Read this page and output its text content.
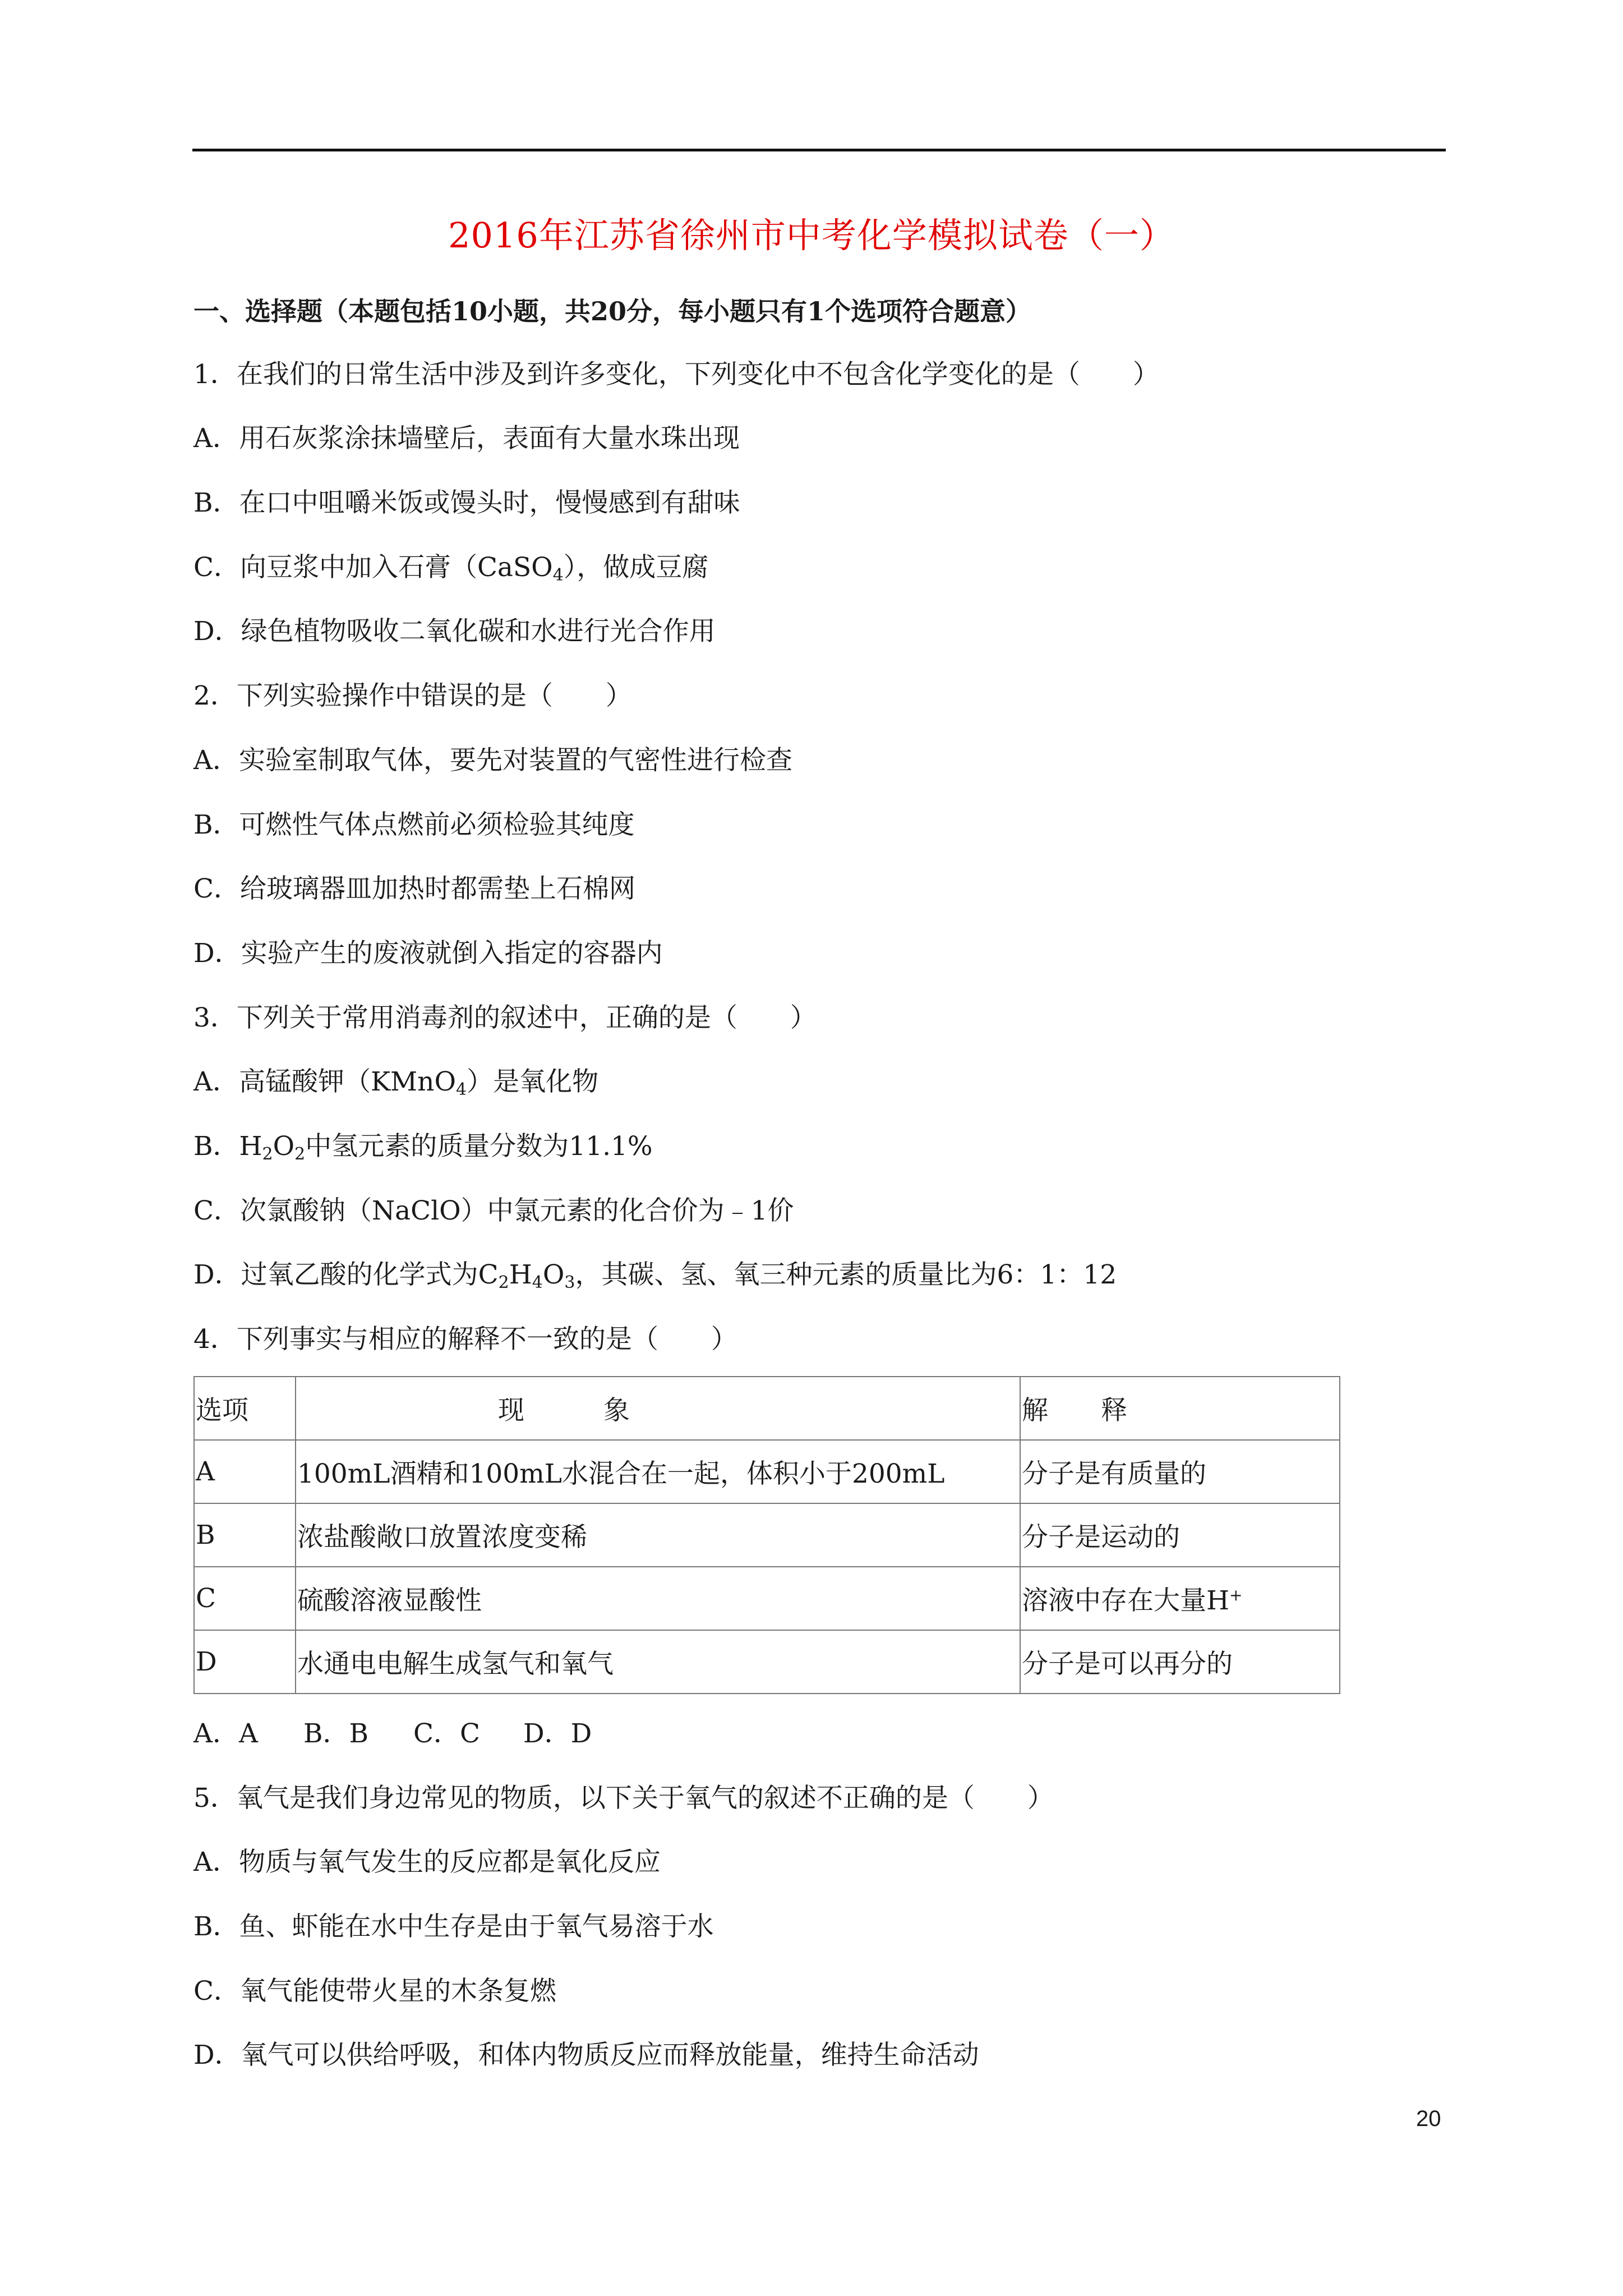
2016年江苏省徐州市中考化学模拟试卷（一）
一、选择题（本题包括10小题，共20分，每小题只有1个选项符合题意）
1．在我们的日常生活中涉及到许多变化，下列变化中不包含化学变化的是（　　）
A．用石灰浆涂抹墙壁后，表面有大量水珠出现
B．在口中咀嚼米饭或馒头时，慢慢感到有甜味
C．向豆浆中加入石膏（CaSO$_4$），做成豆腐
D．绿色植物吸收二氧化碳和水进行光合作用
2．下列实验操作中错误的是（　　）
A．实验室制取气体，要先对装置的气密性进行检查
B．可燃性气体点燃前必须检验其纯度
C．给玻璃器皿加热时都需垫上石棉网
D．实验产生的废液就倒入指定的容器内
3．下列关于常用消毒剂的叙述中，正确的是（　　）
A．高锰酸钾（KMnO$_4$）是氧化物
B．$H_2O_2$中氢元素的质量分数为11.1%
C．次氯酸钠（NaClO）中氯元素的化合价为﹣1价
D．过氧乙酸的化学式为$C_2H_4O_3$，其碳、氢、氧三种元素的质量比为6：1：12
4．下列事实与相应的解释不一致的是（　　）
选项	现　　　象	解　　释
A	100mL酒精和100mL水混合在一起，体积小于200mL	分子是有质量的
B	浓盐酸敞口放置浓度变稀	分子是运动的
C	硫酸溶液显酸性	溶液中存在大量H+
D	水通电电解生成氢气和氧气	分子是可以再分的
A．A B．B C．C D．D
5．氧气是我们身边常见的物质，以下关于氧气的叙述不正确的是（　　）
A．物质与氧气发生的反应都是氧化反应
B．鱼、虾能在水中生存是由于氧气易溶于水
C．氧气能使带火星的木条复燃
D．氧气可以供给呼吸，和体内物质反应而释放能量，维持生命活动
20
